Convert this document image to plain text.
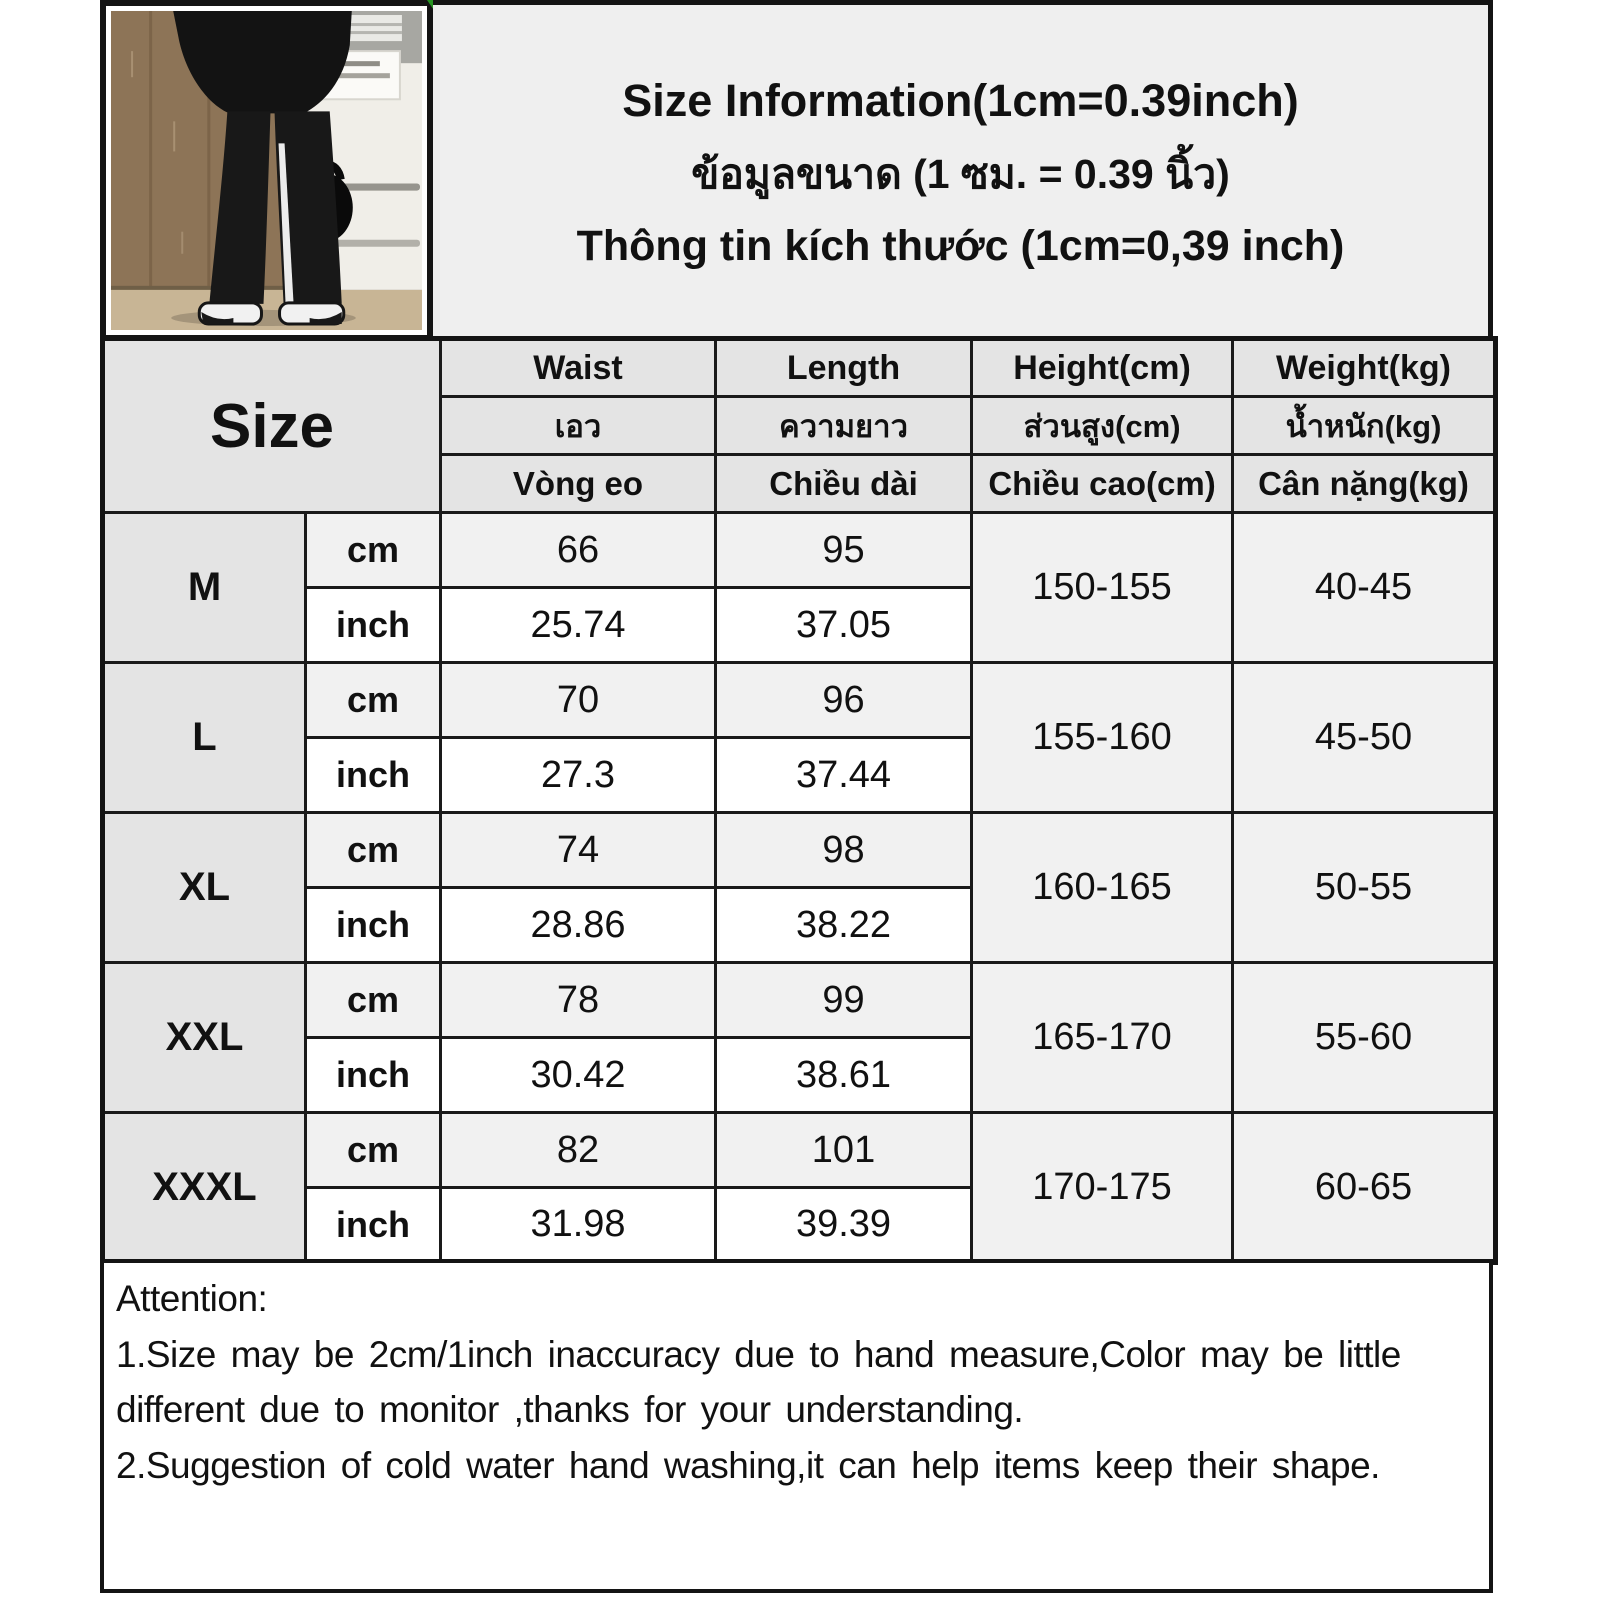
Size Information(1cm=0.39inch)
ข้อมูลขนาด (1 ซม. = 0.39 นิ้ว)
Thông tin kích thước (1cm=0,39 inch)
Size		Waist	Length	Height(cm)	Weight(kg)
		เอว	ความยาว	ส่วนสูง(cm)	น้ำหนัก(kg)
		Vòng eo	Chiều dài	Chiều cao(cm)	Cân nặng(kg)
M	cm	66	95	150-155	40-45
	inch	25.74	37.05		
L	cm	70	96	155-160	45-50
	inch	27.3	37.44		
XL	cm	74	98	160-165	50-55
	inch	28.86	38.22		
XXL	cm	78	99	165-170	55-60
	inch	30.42	38.61		
XXXL	cm	82	101	170-175	60-65
	inch	31.98	39.39		
Attention:
1.Size may be 2cm/1inch inaccuracy due to hand measure,Color may be little different due to monitor ,thanks for your understanding.
2.Suggestion of cold water hand washing,it can help items keep their shape.
